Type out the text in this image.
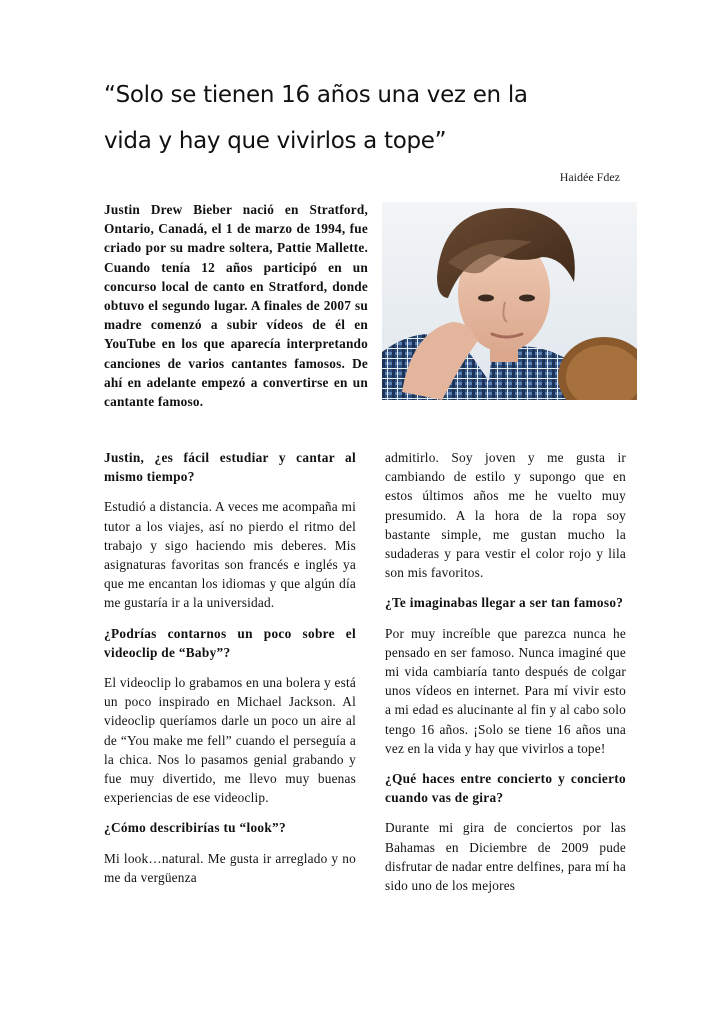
“Solo se tienen 16 años una vez en la
vida y hay que vivirlos a tope”
Haidée Fdez

Justin Drew Bieber nació en Stratford, Ontario, Canadá, el 1 de marzo de 1994, fue criado por su madre soltera, Pattie Mallette. Cuando tenía 12 años participó en un concurso local de canto en Stratford, donde obtuvo el segundo lugar. A finales de 2007 su madre comenzó a subir vídeos de él en YouTube en los que aparecía interpretando canciones de varios cantantes famosos. De ahí en adelante empezó a convertirse en un cantante famoso.

Justin, ¿es fácil estudiar y cantar al mismo tiempo?

Estudió a distancia. A veces me acompaña mi tutor a los viajes, así no pierdo el ritmo del trabajo y sigo haciendo mis deberes. Mis asignaturas favoritas son francés e inglés ya que me encantan los idiomas y que algún día me gustaría ir a la universidad.

¿Podrías contarnos un poco sobre el videoclip de “Baby”?

El videoclip lo grabamos en una bolera y está un poco inspirado en Michael Jackson. Al videoclip queríamos darle un poco un aire al de “You make me fell” cuando el perseguía a la chica. Nos lo pasamos genial grabando y fue muy divertido, me llevo muy buenas experiencias de ese videoclip.

¿Cómo describirías tu “look”?

Mi look…natural. Me gusta ir arreglado y no me da vergüenza

admitirlo. Soy joven y me gusta ir cambiando de estilo y supongo que en estos últimos años me he vuelto muy presumido. A la hora de la ropa soy bastante simple, me gustan mucho la sudaderas y para vestir el color rojo y lila son mis favoritos.

¿Te imaginabas llegar a ser tan famoso?

Por muy increíble que parezca nunca he pensado en ser famoso. Nunca imaginé que mi vida cambiaría tanto después de colgar unos vídeos en internet. Para mí vivir esto a mi edad es alucinante al fin y al cabo solo tengo 16 años. ¡Solo se tiene 16 años una vez en la vida y hay que vivirlos a tope!

¿Qué haces entre concierto y concierto cuando vas de gira?

Durante mi gira de conciertos por las Bahamas en Diciembre de 2009 pude disfrutar de nadar entre delfines, para mí ha sido uno de los mejores
